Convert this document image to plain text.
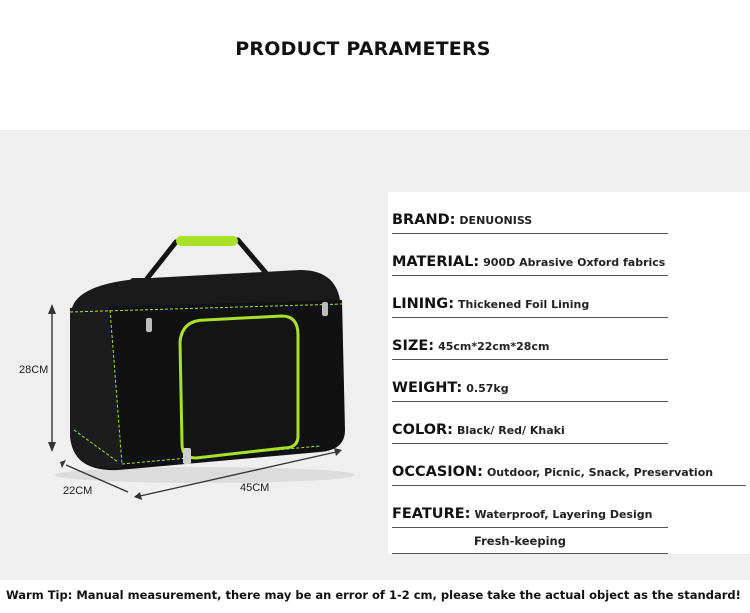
PRODUCT PARAMETERS
28CM
22CM	45CM
BRAND: DENUONISS
MATERIAL: 900D Abrasive Oxford fabrics
LINING: Thickened Foil Lining
SIZE: 45cm*22cm*28cm
WEIGHT: 0.57kg
COLOR: Black/ Red/ Khaki
OCCASION: Outdoor, Picnic, Snack, Preservation
FEATURE: Waterproof, Layering Design
Fresh-keeping
Warm Tip: Manual measurement, there may be an error of 1-2 cm, please take the actual object as the standard!
